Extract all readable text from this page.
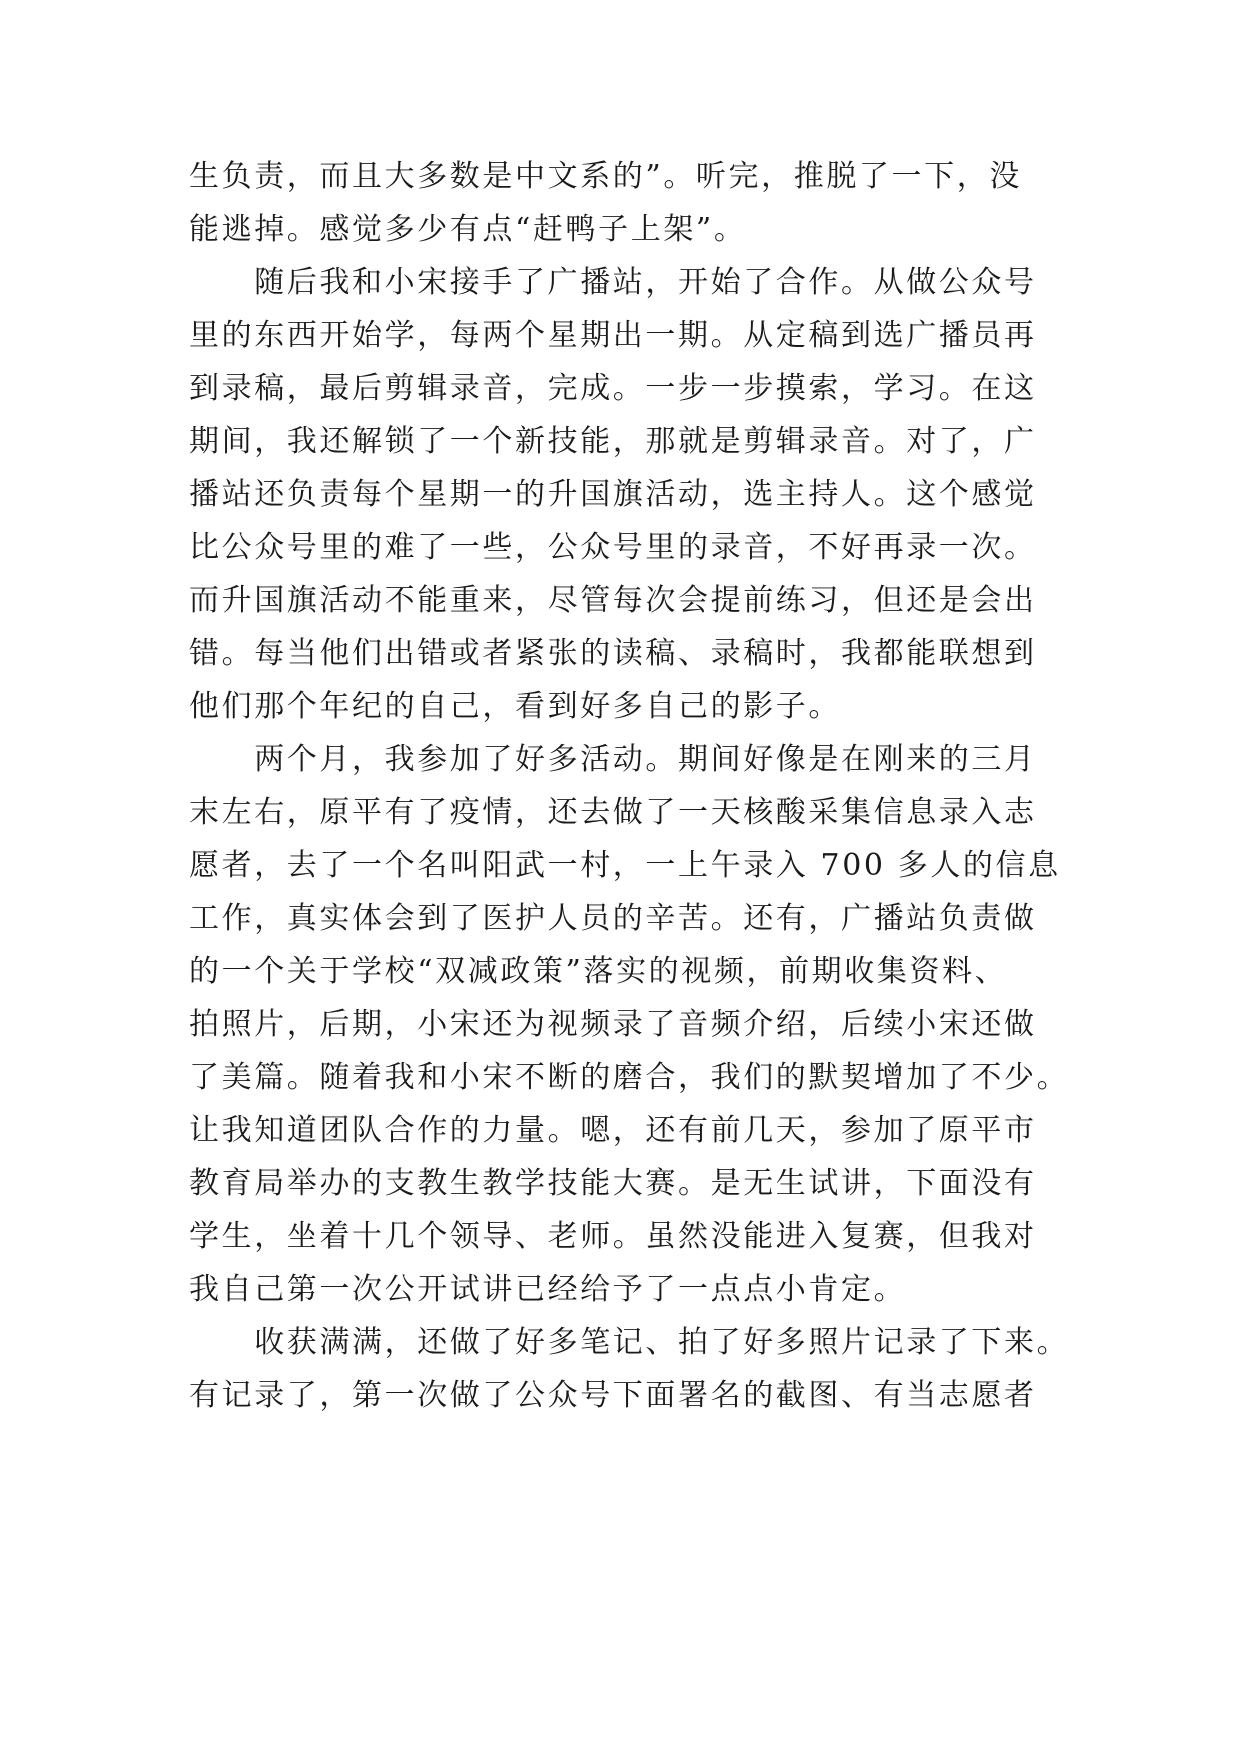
生负责，而且大多数是中文系的”。听完，推脱了一下，没
能逃掉。感觉多少有点“赶鸭子上架”。
　　随后我和小宋接手了广播站，开始了合作。从做公众号
里的东西开始学，每两个星期出一期。从定稿到选广播员再
到录稿，最后剪辑录音，完成。一步一步摸索，学习。在这
期间，我还解锁了一个新技能，那就是剪辑录音。对了，广
播站还负责每个星期一的升国旗活动，选主持人。这个感觉
比公众号里的难了一些，公众号里的录音，不好再录一次。
而升国旗活动不能重来，尽管每次会提前练习，但还是会出
错。每当他们出错或者紧张的读稿、录稿时，我都能联想到
他们那个年纪的自己，看到好多自己的影子。
　　两个月，我参加了好多活动。期间好像是在刚来的三月
末左右，原平有了疫情，还去做了一天核酸采集信息录入志
愿者，去了一个名叫阳武一村，一上午录入 700 多人的信息
工作，真实体会到了医护人员的辛苦。还有，广播站负责做
的一个关于学校“双减政策”落实的视频，前期收集资料、
拍照片，后期，小宋还为视频录了音频介绍，后续小宋还做
了美篇。随着我和小宋不断的磨合，我们的默契增加了不少。
让我知道团队合作的力量。嗯，还有前几天，参加了原平市
教育局举办的支教生教学技能大赛。是无生试讲，下面没有
学生，坐着十几个领导、老师。虽然没能进入复赛，但我对
我自己第一次公开试讲已经给予了一点点小肯定。
　　收获满满，还做了好多笔记、拍了好多照片记录了下来。
有记录了，第一次做了公众号下面署名的截图、有当志愿者
